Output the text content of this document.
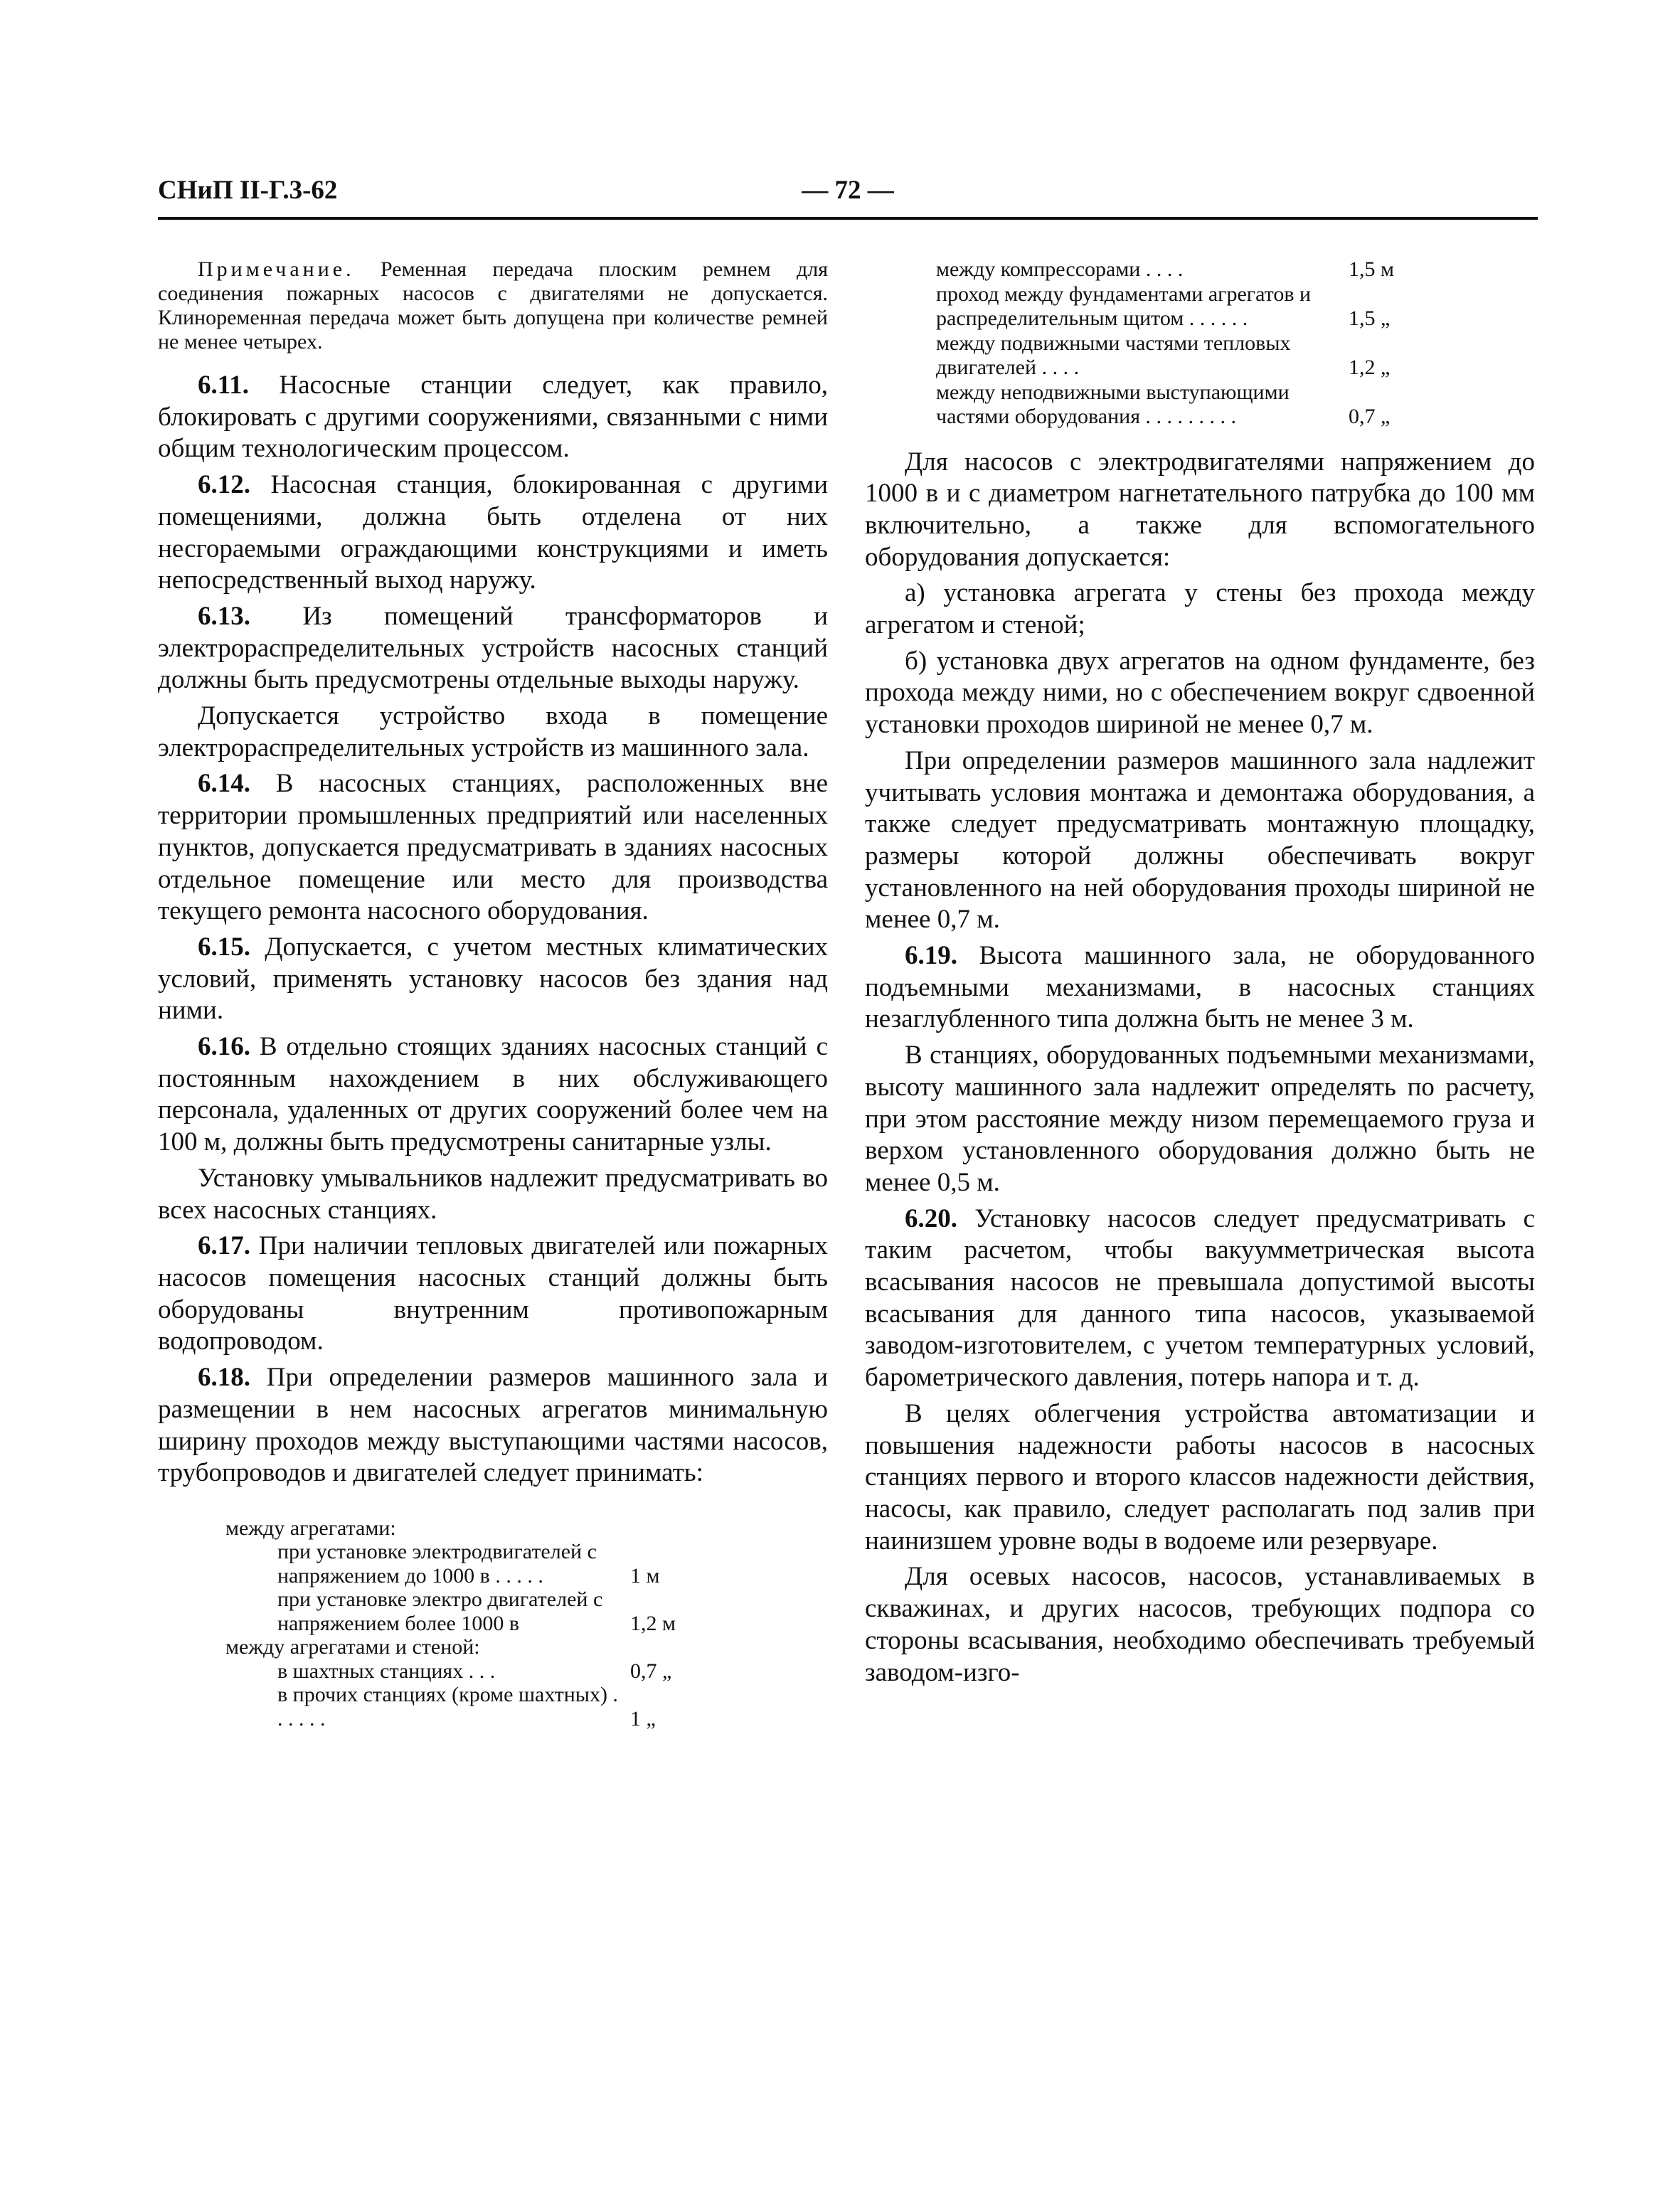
СНиП II-Г.3-62	— 72 —
Примечание. Ременная передача плоским ремнем для соединения пожарных насосов с двигателями не допускается. Клиноременная передача может быть допущена при количестве ремней не менее четырех.

6.11. Насосные станции следует, как правило, блокировать с другими сооружениями, связанными с ними общим технологическим процессом.

6.12. Насосная станция, блокированная с другими помещениями, должна быть отделена от них несгораемыми ограждающими конструкциями и иметь непосредственный выход наружу.

6.13. Из помещений трансформаторов и электрораспределительных устройств насосных станций должны быть предусмотрены отдельные выходы наружу.

Допускается устройство входа в помещение электрораспределительных устройств из машинного зала.

6.14. В насосных станциях, расположенных вне территории промышленных предприятий или населенных пунктов, допускается предусматривать в зданиях насосных отдельное помещение или место для производства текущего ремонта насосного оборудования.

6.15. Допускается, с учетом местных климатических условий, применять установку насосов без здания над ними.

6.16. В отдельно стоящих зданиях насосных станций с постоянным нахождением в них обслуживающего персонала, удаленных от других сооружений более чем на 100 м, должны быть предусмотрены санитарные узлы.

Установку умывальников надлежит предусматривать во всех насосных станциях.

6.17. При наличии тепловых двигателей или пожарных насосов помещения насосных станций должны быть оборудованы внутренним противопожарным водопроводом.

6.18. При определении размеров машинного зала и размещении в нем насосных агрегатов минимальную ширину проходов между выступающими частями насосов, трубопроводов и двигателей следует принимать:

между агрегатами:
при установке электродвигателей с напряжением до 1000 в . . . . .	1 м
при установке электро двигателей с напряжением более 1000 в	1,2 м
между агрегатами и стеной:
в шахтных станциях . . .	0,7 „
в прочих станциях (кроме шахтных) . . . . . .	1 „
между компрессорами . . . .	1,5 м
проход между фундаментами агрегатов и распределительным щитом . . . . . .	1,5 „
между подвижными частями тепловых двигателей . . . .	1,2 „
между неподвижными выступающими частями оборудования . . . . . . . . .	0,7 „

Для насосов с электродвигателями напряжением до 1000 в и с диаметром нагнетательного патрубка до 100 мм включительно, а также для вспомогательного оборудования допускается:

а) установка агрегата у стены без прохода между агрегатом и стеной;

б) установка двух агрегатов на одном фундаменте, без прохода между ними, но с обеспечением вокруг сдвоенной установки проходов шириной не менее 0,7 м.

При определении размеров машинного зала надлежит учитывать условия монтажа и демонтажа оборудования, а также следует предусматривать монтажную площадку, размеры которой должны обеспечивать вокруг установленного на ней оборудования проходы шириной не менее 0,7 м.

6.19. Высота машинного зала, не оборудованного подъемными механизмами, в насосных станциях незаглубленного типа должна быть не менее 3 м.

В станциях, оборудованных подъемными механизмами, высоту машинного зала надлежит определять по расчету, при этом расстояние между низом перемещаемого груза и верхом установленного оборудования должно быть не менее 0,5 м.

6.20. Установку насосов следует предусматривать с таким расчетом, чтобы вакуумметрическая высота всасывания насосов не превышала допустимой высоты всасывания для данного типа насосов, указываемой заводом-изготовителем, с учетом температурных условий, барометрического давления, потерь напора и т. д.

В целях облегчения устройства автоматизации и повышения надежности работы насосов в насосных станциях первого и второго классов надежности действия, насосы, как правило, следует располагать под залив при наинизшем уровне воды в водоеме или резервуаре.

Для осевых насосов, насосов, устанавливаемых в скважинах, и других насосов, требующих подпора со стороны всасывания, необходимо обеспечивать требуемый заводом-изго-
